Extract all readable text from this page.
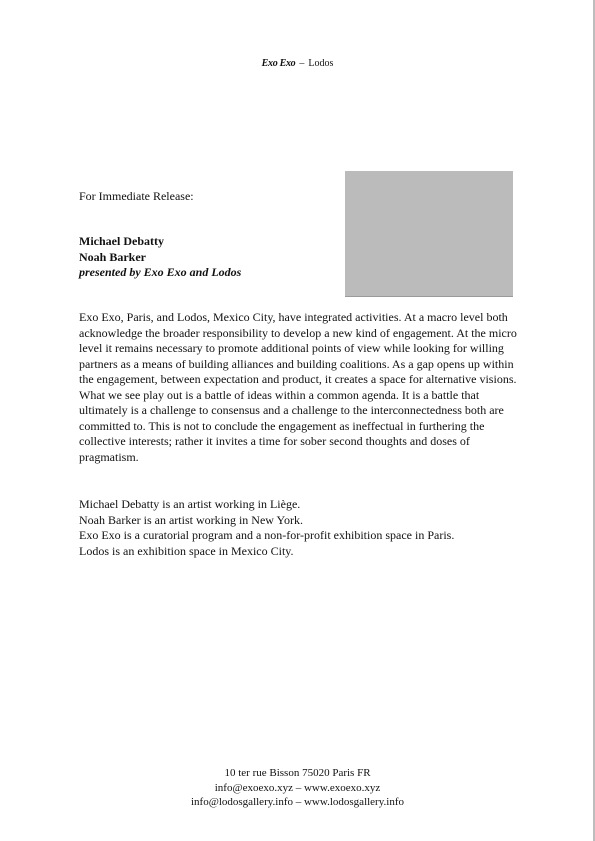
Exo Exo – Lodos
For Immediate Release:
Michael Debatty
Noah Barker
presented by Exo Exo and Lodos
Exo Exo, Paris, and Lodos, Mexico City, have integrated activities. At a macro level both acknowledge the broader responsibility to develop a new kind of engagement. At the micro level it remains necessary to promote additional points of view while looking for willing partners as a means of building alliances and building coalitions. As a gap opens up within the engagement, between expectation and product, it creates a space for alternative visions. What we see play out is a battle of ideas within a common agenda. It is a battle that ultimately is a challenge to consensus and a challenge to the interconnectedness both are committed to. This is not to conclude the engagement as ineffectual in furthering the collective interests; rather it invites a time for sober second thoughts and doses of pragmatism.
Michael Debatty is an artist working in Liège.
Noah Barker is an artist working in New York.
Exo Exo is a curatorial program and a non-for-profit exhibition space in Paris.
Lodos is an exhibition space in Mexico City.
10 ter rue Bisson 75020 Paris FR
info@exoexo.xyz – www.exoexo.xyz
info@lodosgallery.info – www.lodosgallery.info
